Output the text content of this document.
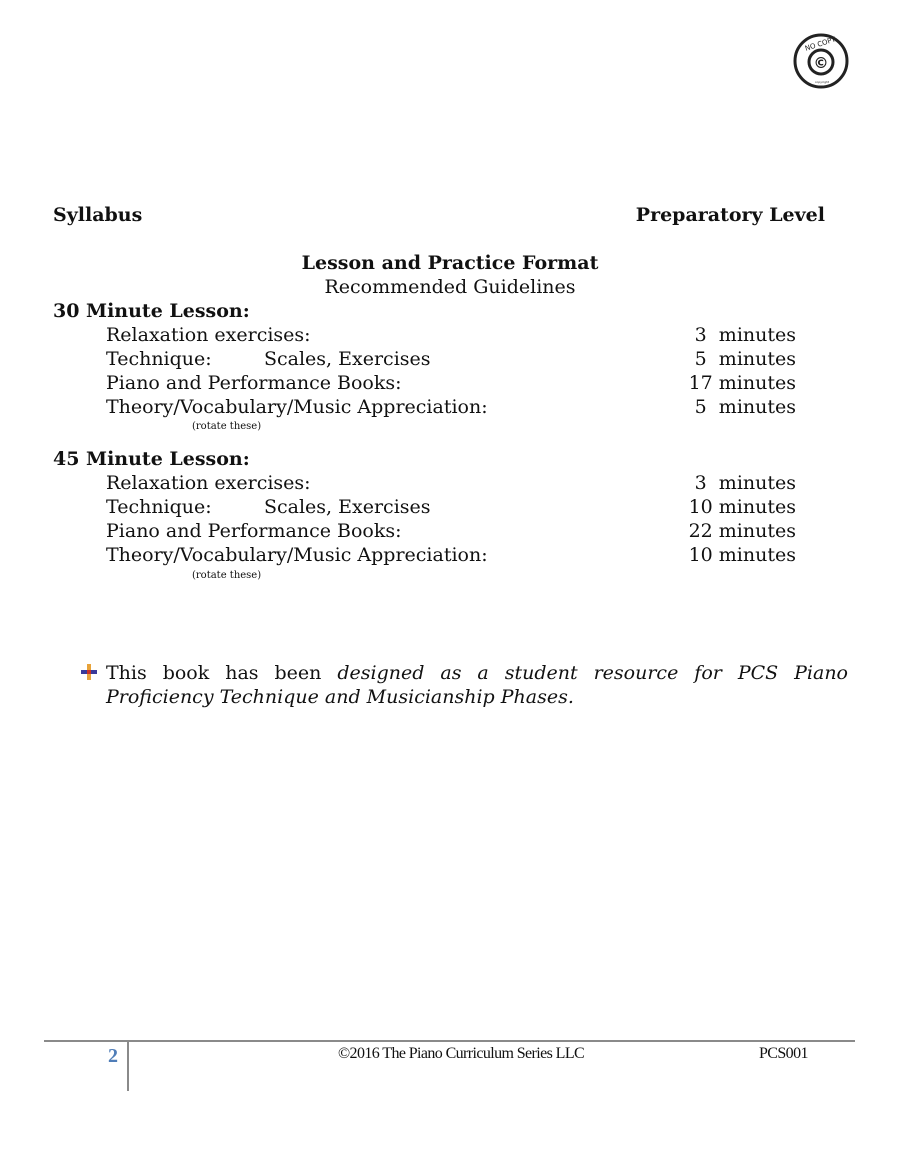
©
NO COPY
copyright
Syllabus	Preparatory Level
Lesson and Practice Format
Recommended Guidelines
30 Minute Lesson:
Relaxation exercises:	3  minutes
Technique:	Scales, Exercises	5  minutes
Piano and Performance Books:	17 minutes
Theory/Vocabulary/Music Appreciation:	5  minutes
(rotate these)
45 Minute Lesson:
Relaxation exercises:	3  minutes
Technique:	Scales, Exercises	10 minutes
Piano and Performance Books:	22 minutes
Theory/Vocabulary/Music Appreciation:	10 minutes
(rotate these)
This book has been designed as a student resource for PCS Piano Proficiency Technique and Musicianship Phases.
2	©2016 The Piano Curriculum Series LLC	PCS001
